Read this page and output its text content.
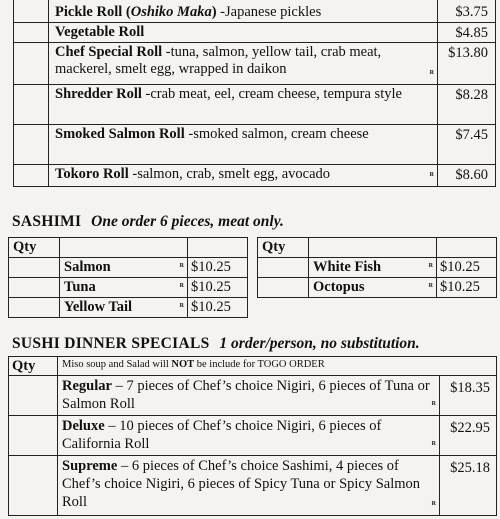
	Pickle Roll (Oshiko Maka) -Japanese pickles	$3.75
	Vegetable Roll	$4.85
	Chef Special Roll -tuna, salmon, yellow tail, crab meat, mackerel, smelt egg, wrapped in daikon R	$13.80
	Shredder Roll -crab meat, eel, cream cheese, tempura style	$8.28
	Smoked Salmon Roll -smoked salmon, cream cheese	$7.45
	Tokoro Roll -salmon, crab, smelt egg, avocado R	$8.60
SASHIMI One order 6 pieces, meat only.
Qty		
	Salmon R	$10.25
	Tuna R	$10.25
	Yellow Tail R	$10.25
Qty		
	White Fish R	$10.25
	Octopus R	$10.25
SUSHI DINNER SPECIALS 1 order/person, no substitution.
Qty	Miso soup and Salad will NOT be include for TOGO ORDER	
	Regular – 7 pieces of Chef’s choice Nigiri, 6 pieces of Tuna or Salmon Roll R	$18.35
	Deluxe – 10 pieces of Chef’s choice Nigiri, 6 pieces of California Roll R	$22.95
	Supreme – 6 pieces of Chef’s choice Sashimi, 4 pieces of Chef’s choice Nigiri, 6 pieces of Spicy Tuna or Spicy Salmon Roll R	$25.18
